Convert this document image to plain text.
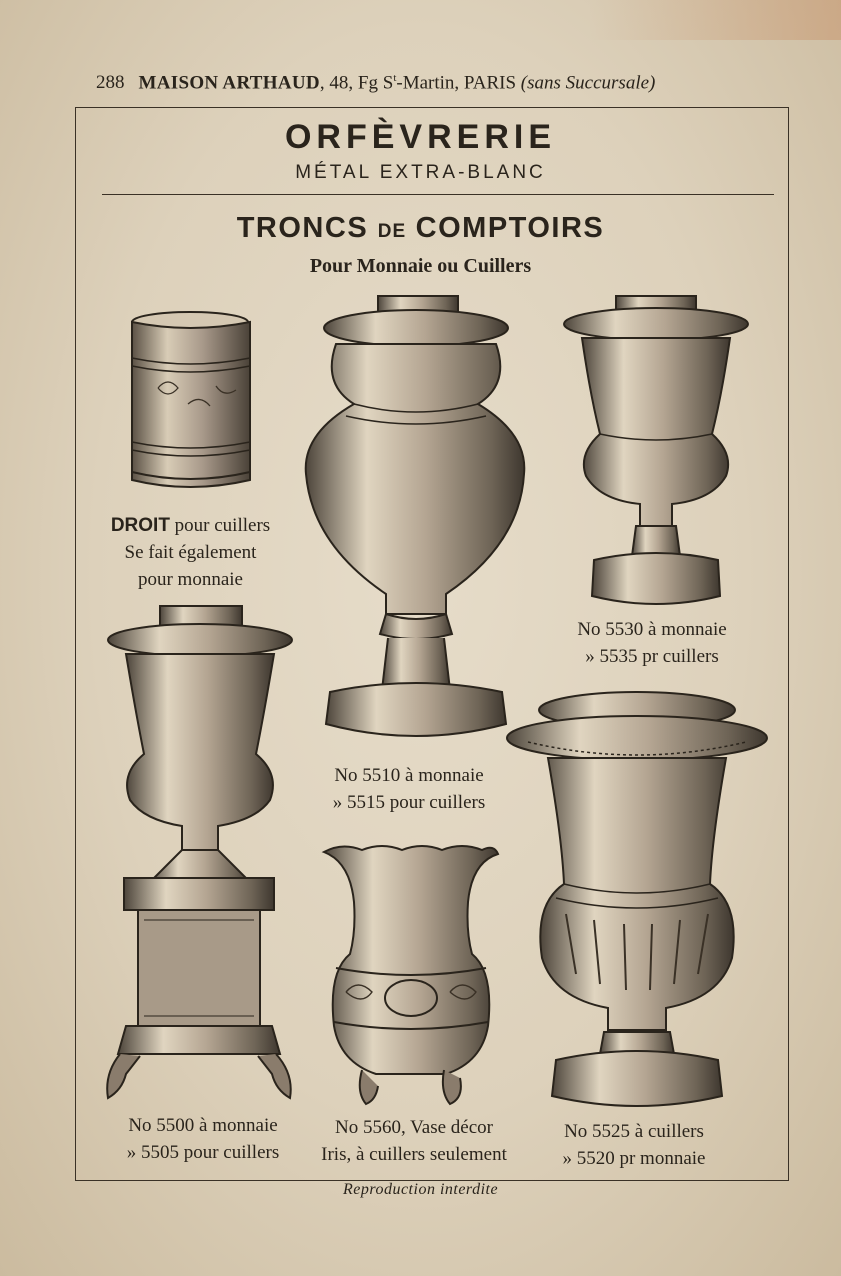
288 MAISON ARTHAUD, 48, Fg $S^t$-Martin, PARIS (sans Succursale)
ORFÈVRERIE
MÉTAL EXTRA-BLANC
TRONCS DE COMPTOIRS
Pour Monnaie ou Cuillers
DROIT pour cuillers
Se fait également
pour monnaie
No 5510 à monnaie
» 5515 pour cuillers
No 5530 à monnaie
» 5535 pr cuillers
No 5500 à monnaie
» 5505 pour cuillers
No 5560, Vase décor
Iris, à cuillers seulement
No 5525 à cuillers
» 5520 pr monnaie
Reproduction interdite
